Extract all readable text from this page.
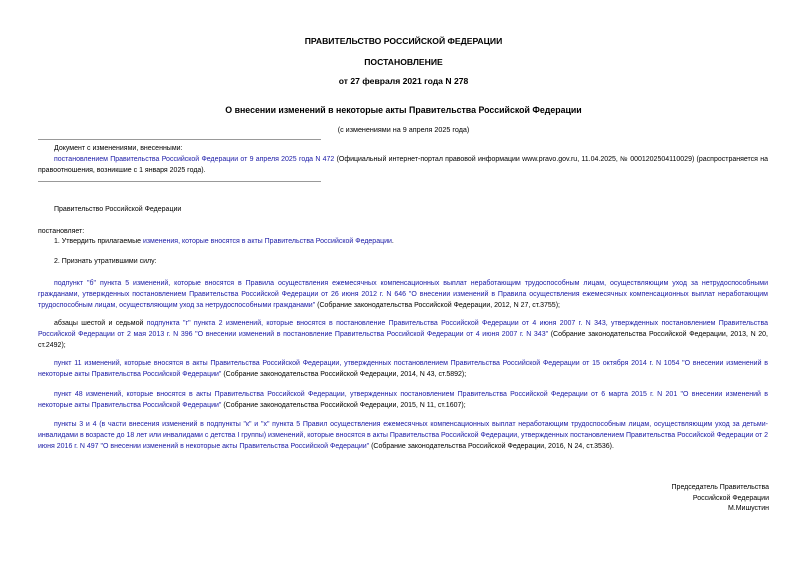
ПРАВИТЕЛЬСТВО РОССИЙСКОЙ ФЕДЕРАЦИИ
ПОСТАНОВЛЕНИЕ
от 27 февраля 2021 года N 278
О внесении изменений в некоторые акты Правительства Российской Федерации
(с изменениями на 9 апреля 2025 года)
Документ с изменениями, внесенными:
постановлением Правительства Российской Федерации от 9 апреля 2025 года N 472 (Официальный интернет-портал правовой информации www.pravo.gov.ru, 11.04.2025, № 0001202504110029) (распространяется на правоотношения, возникшие с 1 января 2025 года).
Правительство Российской Федерации
постановляет:
1. Утвердить прилагаемые изменения, которые вносятся в акты Правительства Российской Федерации.
2. Признать утратившими силу:
подпункт "б" пункта 5 изменений, которые вносятся в Правила осуществления ежемесячных компенсационных выплат неработающим трудоспособным лицам, осуществляющим уход за нетрудоспособными гражданами, утвержденных постановлением Правительства Российской Федерации от 26 июня 2012 г. N 646 "О внесении изменений в Правила осуществления ежемесячных компенсационных выплат неработающим трудоспособным лицам, осуществляющим уход за нетрудоспособными гражданами" (Собрание законодательства Российской Федерации, 2012, N 27, ст.3755);
абзацы шестой и седьмой подпункта "г" пункта 2 изменений, которые вносятся в постановление Правительства Российской Федерации от 4 июня 2007 г. N 343, утвержденных постановлением Правительства Российской Федерации от 2 мая 2013 г. N 396 "О внесении изменений в постановление Правительства Российской Федерации от 4 июня 2007 г. N 343" (Собрание законодательства Российской Федерации, 2013, N 20, ст.2492);
пункт 11 изменений, которые вносятся в акты Правительства Российской Федерации, утвержденных постановлением Правительства Российской Федерации от 15 октября 2014 г. N 1054 "О внесении изменений в некоторые акты Правительства Российской Федерации" (Собрание законодательства Российской Федерации, 2014, N 43, ст.5892);
пункт 48 изменений, которые вносятся в акты Правительства Российской Федерации, утвержденных постановлением Правительства Российской Федерации от 6 марта 2015 г. N 201 "О внесении изменений в некоторые акты Правительства Российской Федерации" (Собрание законодательства Российской Федерации, 2015, N 11, ст.1607);
пункты 3 и 4 (в части внесения изменений в подпункты "к" и "х" пункта 5 Правил осуществления ежемесячных компенсационных выплат неработающим трудоспособным лицам, осуществляющим уход за детьми-инвалидами в возрасте до 18 лет или инвалидами с детства I группы) изменений, которые вносятся в акты Правительства Российской Федерации, утвержденных постановлением Правительства Российской Федерации от 2 июня 2016 г. N 497 "О внесении изменений в некоторые акты Правительства Российской Федерации" (Собрание законодательства Российской Федерации, 2016, N 24, ст.3536).
Председатель Правительства
Российской Федерации
М.Мишустин
